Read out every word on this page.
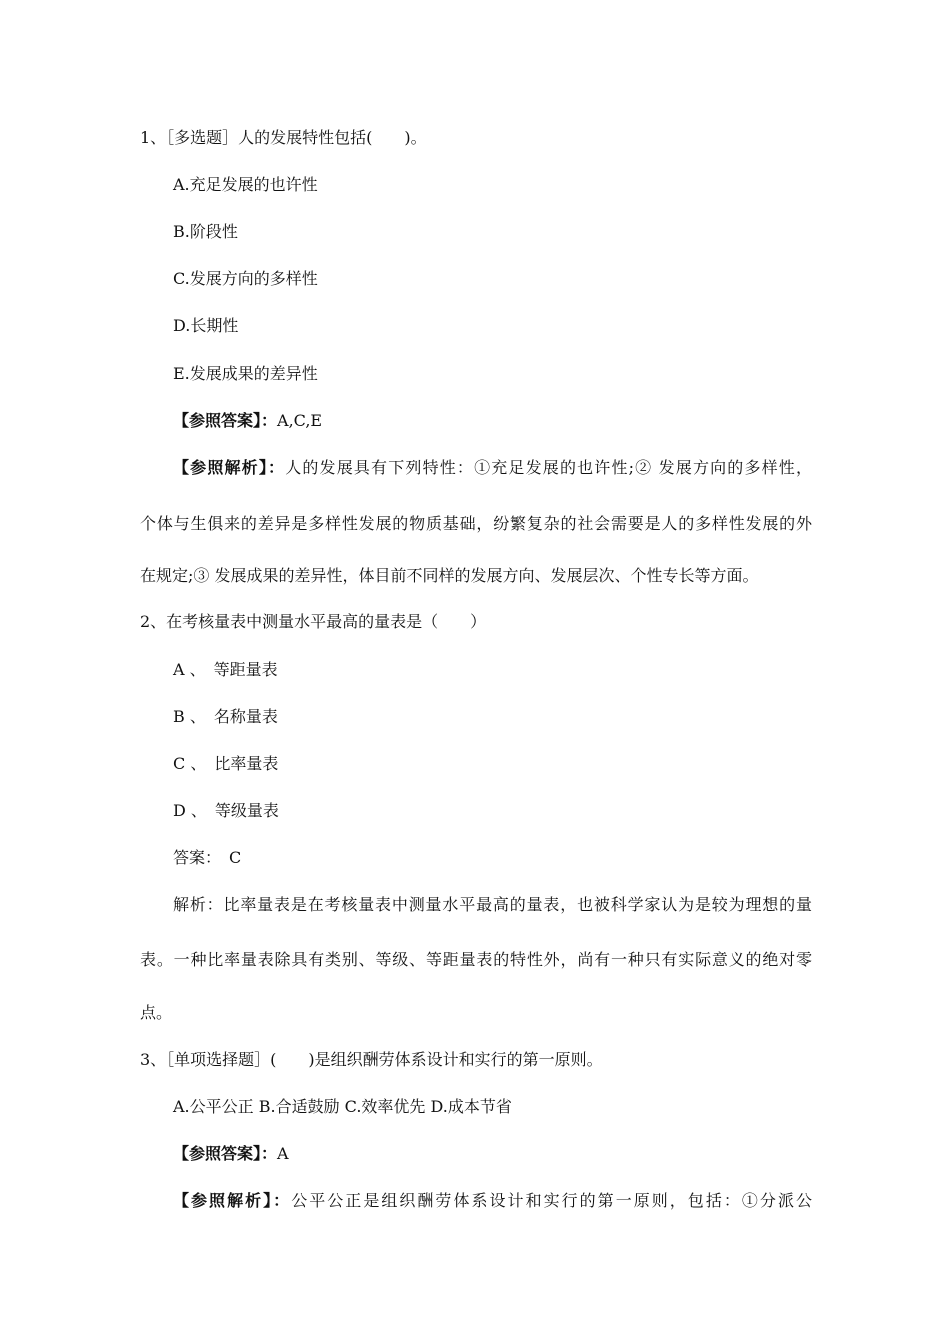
1、［多选题］人的发展特性包括(　　)。
A.充足发展的也许性
B.阶段性
C.发展方向的多样性
D.长期性
E.发展成果的差异性
【参照答案】：A,C,E
【参照解析】：人的发展具有下列特性：①充足发展的也许性;② 发展方向的多样性，
个体与生俱来的差异是多样性发展的物质基础，纷繁复杂的社会需要是人的多样性发展的外
在规定;③ 发展成果的差异性，体目前不同样的发展方向、发展层次、个性专长等方面。
2、在考核量表中测量水平最高的量表是（　　）
A 、　等距量表
B 、　名称量表
C 、　比率量表
D 、　等级量表
答案：　C
解析：比率量表是在考核量表中测量水平最高的量表，也被科学家认为是较为理想的量
表。一种比率量表除具有类别、等级、等距量表的特性外，尚有一种只有实际意义的绝对零
点。
3、［单项选择题］(　　)是组织酬劳体系设计和实行的第一原则。
A.公平公正 B.合适鼓励 C.效率优先 D.成本节省
【参照答案】：A
【参照解析】：公平公正是组织酬劳体系设计和实行的第一原则，包括：①分派公
